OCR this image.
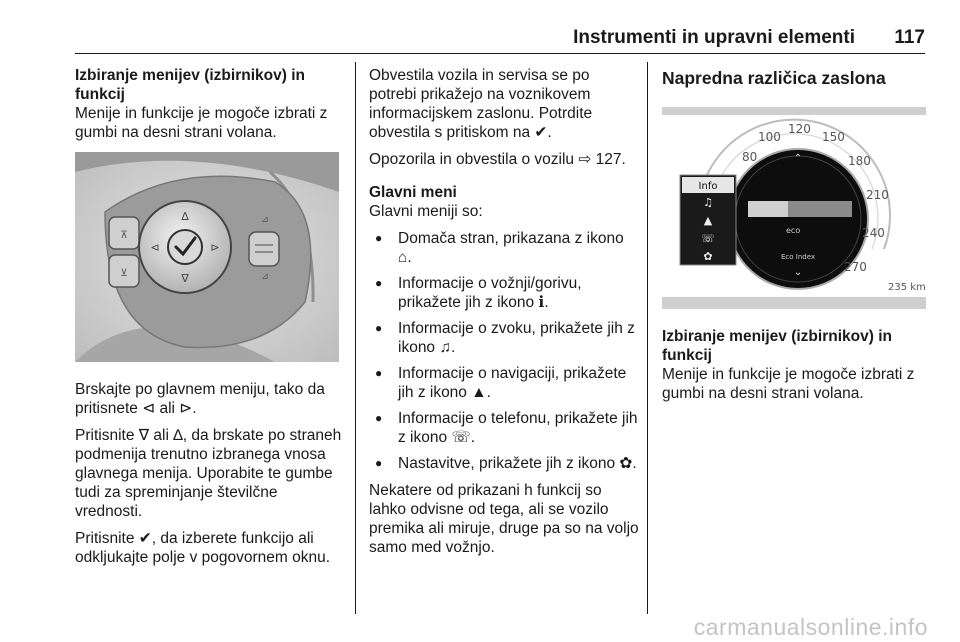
Instrumenti in upravni elementi 117
Izbiranje menijev (izbirnikov) in funkcij
Menije in funkcije je mogoče izbrati z gumbi na desni strani volana.
⊼
⊻
∆
∇
⊲	⊳
⊿
⊿
Brskajte po glavnem meniju, tako da pritisnete ⊲ ali ⊳.
Pritisnite ∇ ali ∆, da brskate po straneh podmenija trenutno izbranega vnosa glavnega menija. Uporabite te gumbe tudi za spreminjanje številčne vrednosti.
Pritisnite ✔, da izberete funkcijo ali odkljukajte polje v pogovornem oknu.
Obvestila vozila in servisa se po potrebi prikažejo na voznikovem informacijskem zaslonu. Potrdite obvestila s pritiskom na ✔.
Opozorila in obvestila o vozilu ⇨ 127.
Glavni meni
Glavni meniji so:
● Domača stran, prikazana z ikono ⌂.
● Informacije o vožnji/gorivu, prikažete jih z ikono ℹ.
● Informacije o zvoku, prikažete jih z ikono ♫.
● Informacije o navigaciji, prikažete jih z ikono ▲.
● Informacije o telefonu, prikažete jih z ikono ☏.
● Nastavitve, prikažete jih z ikono ✿.
Nekatere od prikazani h funkcij so lahko odvisne od tega, ali se vozilo premika ali miruje, druge pa so na voljo samo med vožnjo.
Napredna različica zaslona
⌃
⌄
eco
Eco Index
80
100
120
150
180
210
240
270
Info
♫
▲
☏
✿
235 km
Izbiranje menijev (izbirnikov) in funkcij
Menije in funkcije je mogoče izbrati z gumbi na desni strani volana.
carmanualsonline.info
